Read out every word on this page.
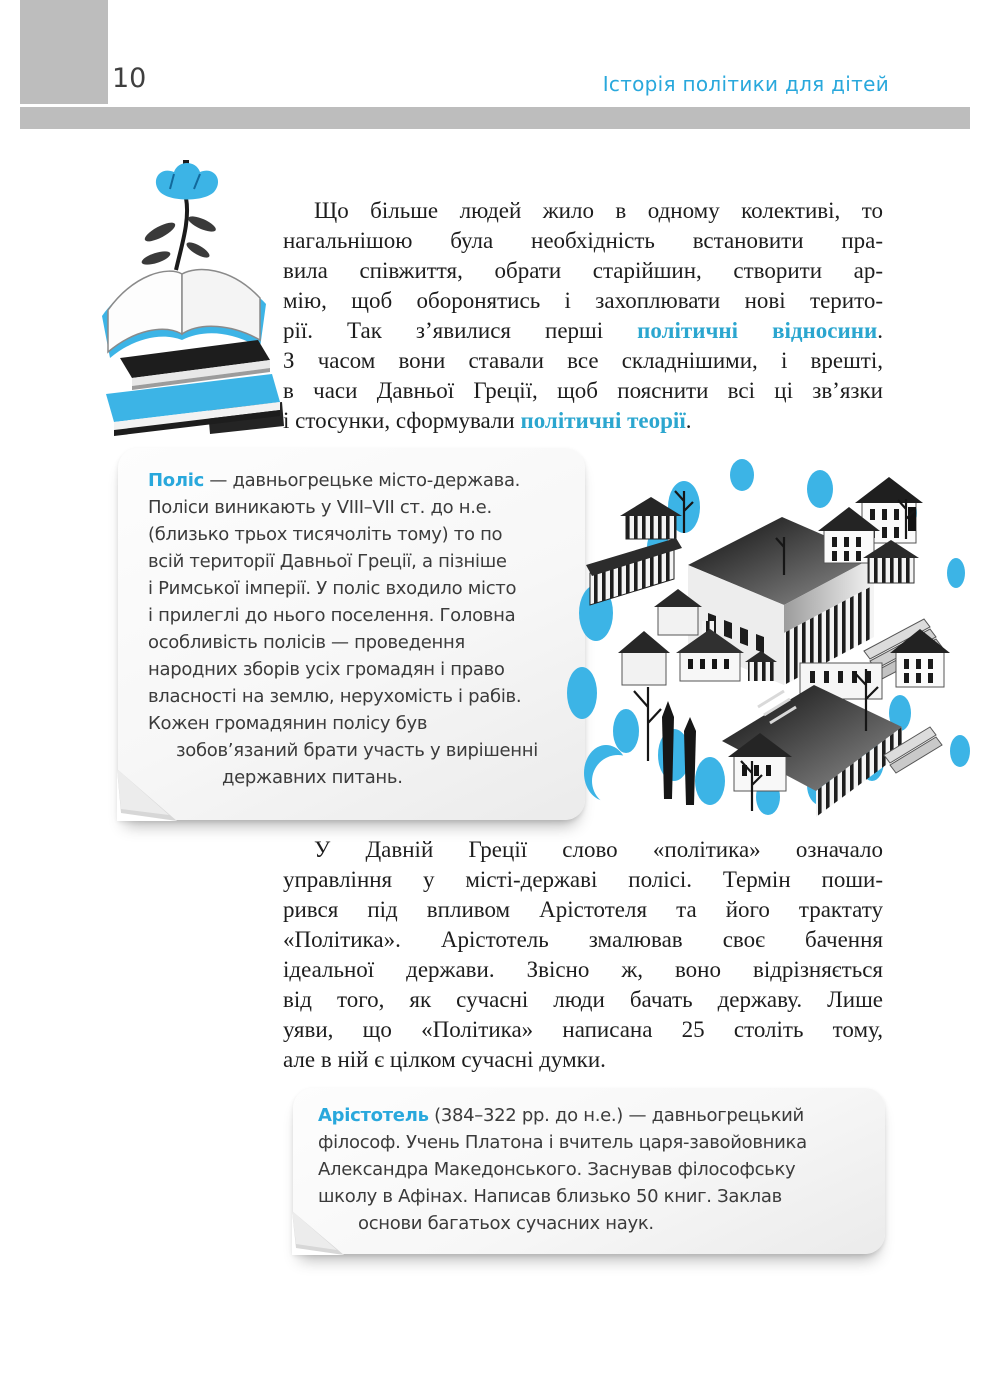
10	Історія політики для дітей
Що більше людей жило в одному колективі, то
нагальнішою була необхідність встановити пра-
вила співжиття, обрати старійшин, створити ар-
мію, щоб оборонятись і захоплювати нові терито-
рії. Так з’явилися перші політичні відносини.
З часом вони ставали все складнішими, і врешті,
в часи Давньої Греції, щоб пояснити всі ці зв’язки
і стосунки, сформували політичні теорії.
Поліс — давньогрецьке місто-держава.
Поліси виникають у VIII–VII ст. до н.е.
(близько трьох тисячоліть тому) то по
всій території Давньої Греції, а пізніше
і Римської імперії. У поліс входило місто
і прилеглі до нього поселення. Головна
особливість полісів — проведення
народних зборів усіх громадян і право
власності на землю, нерухомість і рабів.
Кожен громадянин полісу був
зобов’язаний брати участь у вирішенні
державних питань.
У Давній Греції слово «політика» означало
управління у місті-державі полісі. Термін поши-
рився під впливом Арістотеля та його трактату
«Політика». Арістотель змалював своє бачення
ідеальної держави. Звісно ж, воно відрізняється
від того, як сучасні люди бачать державу. Лише
уяви, що «Політика» написана 25 століть тому,
але в ній є цілком сучасні думки.
Арістотель (384–322 рр. до н.е.) — давньогрецький
філософ. Учень Платона і вчитель царя-завойовника
Александра Македонського. Заснував філософську
школу в Афінах. Написав близько 50 книг. Заклав
основи багатьох сучасних наук.
